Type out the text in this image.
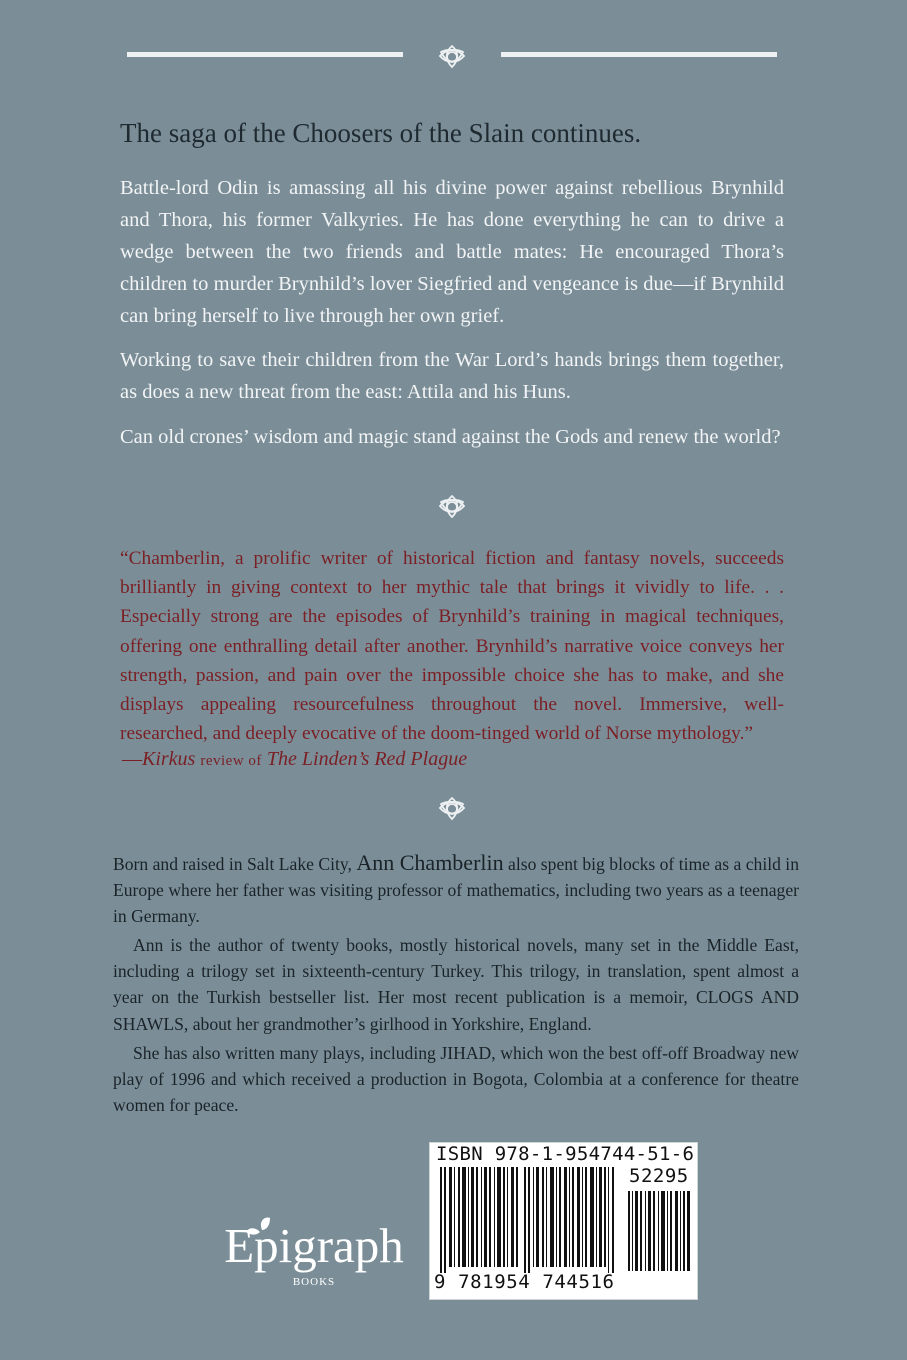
The saga of the Choosers of the Slain continues.

Battle-lord Odin is amassing all his divine power against rebellious Brynhild and Thora, his former Valkyries. He has done everything he can to drive a wedge between the two friends and battle mates: He encouraged Thora’s children to murder Brynhild’s lover Siegfried and vengeance is due—if Brynhild can bring herself to live through her own grief.

Working to save their children from the War Lord’s hands brings them together, as does a new threat from the east: Attila and his Huns.

Can old crones’ wisdom and magic stand against the Gods and renew the world?

“Chamberlin, a prolific writer of historical fiction and fantasy novels, succeeds brilliantly in giving context to her mythic tale that brings it vividly to life. . . Especially strong are the episodes of Brynhild’s training in magical techniques, offering one enthralling detail after another. Brynhild’s narrative voice conveys her strength, passion, and pain over the impossible choice she has to make, and she displays appealing resourcefulness throughout the novel. Immersive, well-researched, and deeply evocative of the doom-tinged world of Norse mythology.”

—Kirkus review of The Linden’s Red Plague

Born and raised in Salt Lake City, Ann Chamberlin also spent big blocks of time as a child in Europe where her father was visiting professor of mathematics, including two years as a teenager in Germany.

Ann is the author of twenty books, mostly historical novels, many set in the Middle East, including a trilogy set in sixteenth-century Turkey. This trilogy, in translation, spent almost a year on the Turkish bestseller list. Her most recent publication is a memoir, CLOGS AND SHAWLS, about her grandmother’s girlhood in Yorkshire, England.

She has also written many plays, including JIHAD, which won the best off-off Broadway new play of 1996 and which received a production in Bogota, Colombia at a conference for theatre women for peace.

Epigraph
BOOKS
ISBN 978-1-954744-51-6
52295
9 781954 744516
